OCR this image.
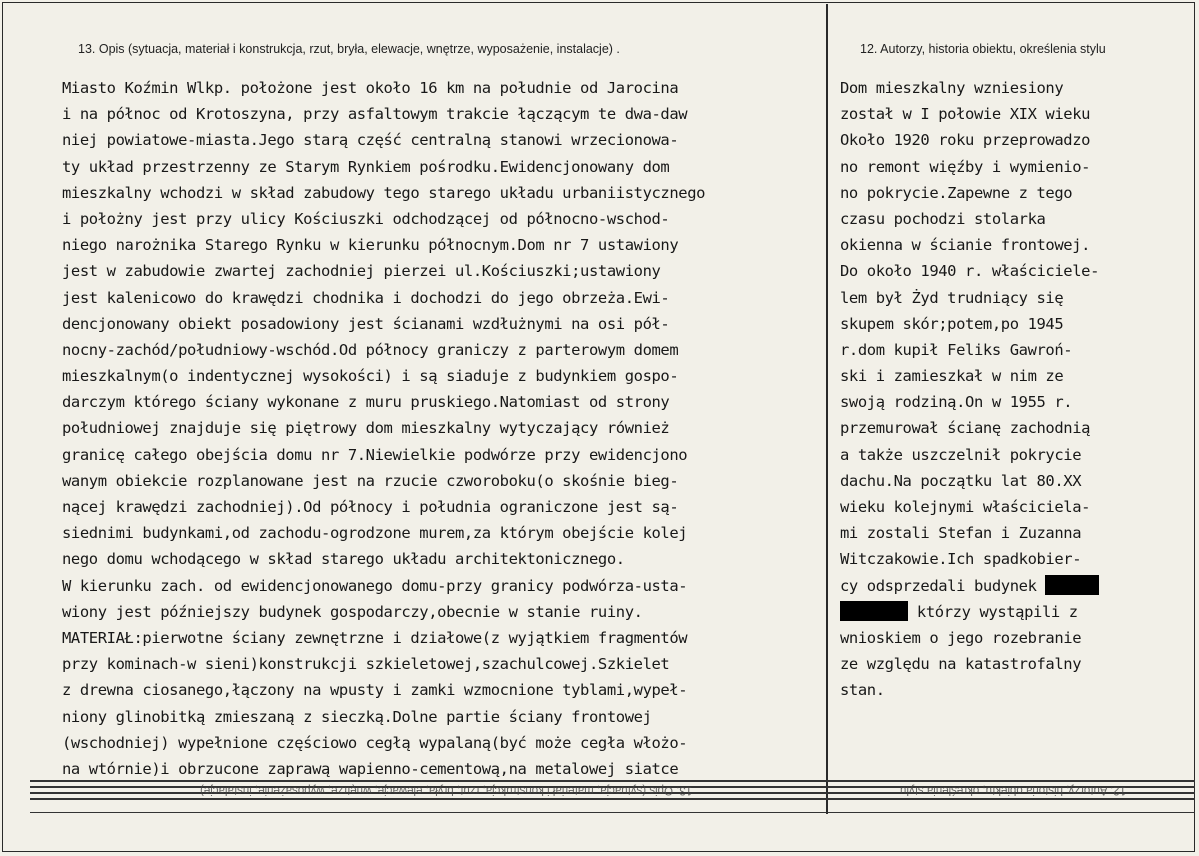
13. Opis (sytuacja, materiał i konstrukcja, rzut, bryła, elewacje, wnętrze, wyposażenie, instalacje) .	12. Autorzy, historia obiektu, określenia stylu
Miasto Koźmin Wlkp. położone jest około 16 km na południe od Jarocina
i na północ od Krotoszyna, przy asfaltowym trakcie łączącym te dwa-daw
niej powiatowe-miasta.Jego starą część centralną stanowi wrzecionowa-
ty układ przestrzenny ze Starym Rynkiem pośrodku.Ewidencjonowany dom
mieszkalny wchodzi w skład zabudowy tego starego układu urbaniistycznego
i położny jest przy ulicy Kościuszki odchodzącej od północno-wschod-
niego narożnika Starego Rynku w kierunku północnym.Dom nr 7 ustawiony
jest w zabudowie zwartej zachodniej pierzei ul.Kościuszki;ustawiony
jest kalenicowo do krawędzi chodnika i dochodzi do jego obrzeża.Ewi-
dencjonowany obiekt posadowiony jest ścianami wzdłużnymi na osi pół-
nocny-zachód/południowy-wschód.Od północy graniczy z parterowym domem
mieszkalnym(o indentycznej wysokości) i są siaduje z budynkiem gospo-
darczym którego ściany wykonane z muru pruskiego.Natomiast od strony
południowej znajduje się piętrowy dom mieszkalny wytyczający również
granicę całego obejścia domu nr 7.Niewielkie podwórze przy ewidencjono
wanym obiekcie rozplanowane jest na rzucie czworoboku(o skośnie bieg-
nącej krawędzi zachodniej).Od północy i południa ograniczone jest są-
siednimi budynkami,od zachodu-ogrodzone murem,za którym obejście kolej
nego domu wchodącego w skład starego układu architektonicznego.
W kierunku zach. od ewidencjonowanego domu-przy granicy podwórza-usta-
wiony jest późniejszy budynek gospodarczy,obecnie w stanie ruiny.
MATERIAŁ:pierwotne ściany zewnętrzne i działowe(z wyjątkiem fragmentów
przy kominach-w sieni)konstrukcji szkieletowej,szachulcowej.Szkielet
z drewna ciosanego,łączony na wpusty i zamki wzmocnione tyblami,wypeł-
niony glinobitką zmieszaną z sieczką.Dolne partie ściany frontowej
(wschodniej) wypełnione częściowo cegłą wypalaną(być może cegła włożo-
na wtórnie)i obrzucone zaprawą wapienno-cementową,na metalowej siatce
Dom mieszkalny wzniesiony
został w I połowie XIX wieku
Około 1920 roku przeprowadzo
no remont więźby i wymienio-
no pokrycie.Zapewne z tego
czasu pochodzi stolarka
okienna w ścianie frontowej.
Do około 1940 r. właściciele-
lem był Żyd trudniący się
skupem skór;potem,po 1945
r.dom kupił Feliks Gawroń-
ski i zamieszkał w nim ze
swoją rodziną.On w 1955 r.
przemurował ścianę zachodnią
a także uszczelnił pokrycie
dachu.Na początku lat 80.XX
wieku kolejnymi właścicielа-
mi zostali Stefan i Zuzanna
Witczakowie.Ich spadkobier-
cy odsprzedali budynek
którzy wystąpili z
wnioskiem o jego rozebranie
ze względu na katastrofalny
stan.
13. Opis (sytuacja, materiał i konstrukcja, rzut, bryła, elewacje, wnętrze, wyposażenie, instalacje)	12. Autorzy, historia obiektu, określenia stylu
